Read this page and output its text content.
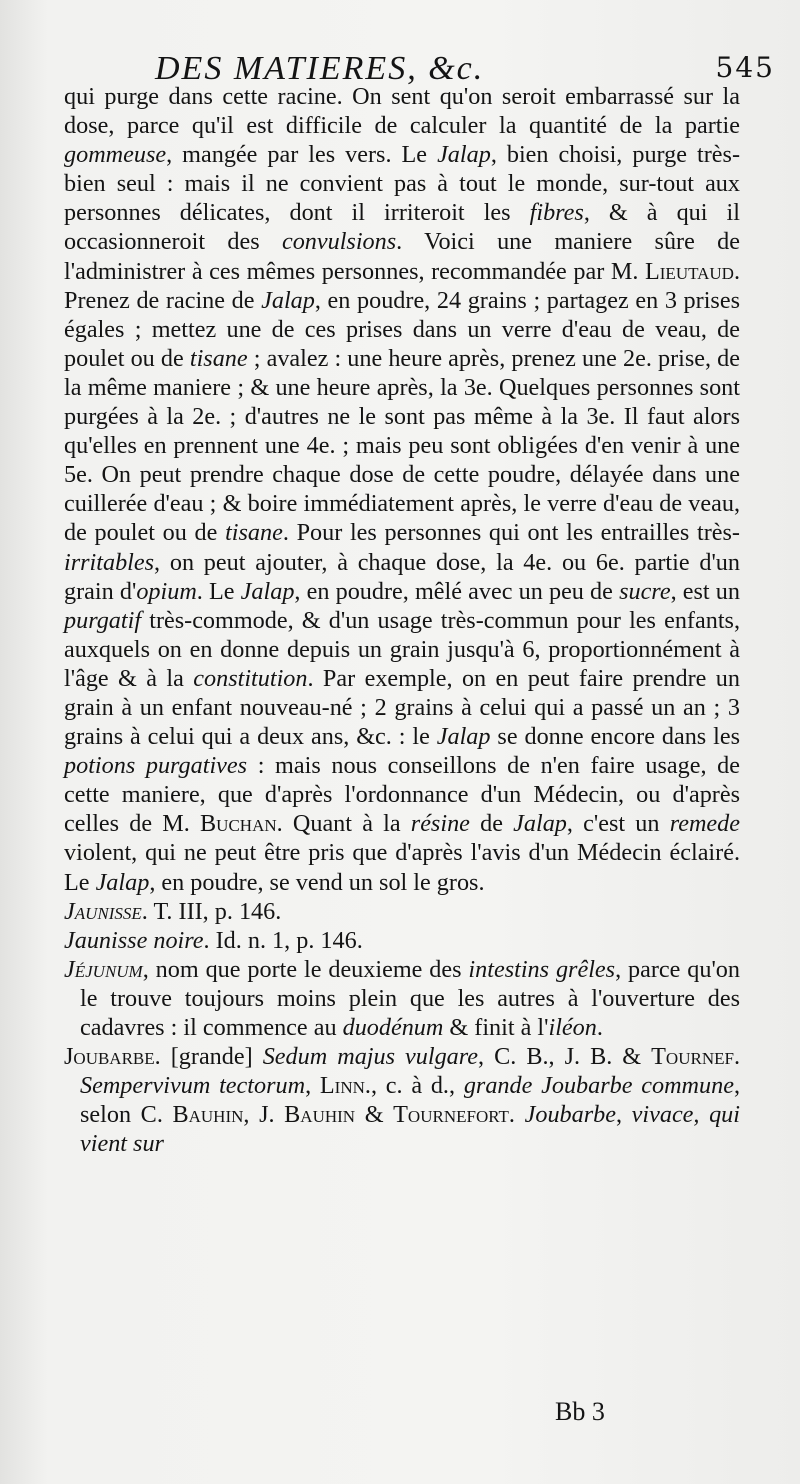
DES MATIERES, &c.	545

qui purge dans cette racine. On sent qu'on seroit embarrassé sur la dose, parce qu'il est difficile de calculer la quantité de la partie gommeuse, mangée par les vers. Le Jalap, bien choisi, purge très-bien seul : mais il ne convient pas à tout le monde, sur-tout aux personnes délicates, dont il irriteroit les fibres, & à qui il occasionneroit des convulsions. Voici une maniere sûre de l'administrer à ces mêmes personnes, recommandée par M. Lieutaud. Prenez de racine de Jalap, en poudre, 24 grains ; partagez en 3 prises égales ; mettez une de ces prises dans un verre d'eau de veau, de poulet ou de tisane ; avalez : une heure après, prenez une 2e. prise, de la même maniere ; & une heure après, la 3e. Quelques personnes sont purgées à la 2e. ; d'autres ne le sont pas même à la 3e. Il faut alors qu'elles en prennent une 4e. ; mais peu sont obligées d'en venir à une 5e. On peut prendre chaque dose de cette poudre, délayée dans une cuillerée d'eau ; & boire immédiatement après, le verre d'eau de veau, de poulet ou de tisane. Pour les personnes qui ont les entrailles très-irritables, on peut ajouter, à chaque dose, la 4e. ou 6e. partie d'un grain d'opium. Le Jalap, en poudre, mêlé avec un peu de sucre, est un purgatif très-commode, & d'un usage très-commun pour les enfants, auxquels on en donne depuis un grain jusqu'à 6, proportionnément à l'âge & à la constitution. Par exemple, on en peut faire prendre un grain à un enfant nouveau-né ; 2 grains à celui qui a passé un an ; 3 grains à celui qui a deux ans, &c. : le Jalap se donne encore dans les potions purgatives : mais nous conseillons de n'en faire usage, de cette maniere, que d'après l'ordonnance d'un Médecin, ou d'après celles de M. Buchan. Quant à la résine de Jalap, c'est un remede violent, qui ne peut être pris que d'après l'avis d'un Médecin éclairé. Le Jalap, en poudre, se vend un sol le gros.

Jaunisse. T. III, p. 146.

Jaunisse noire. Id. n. 1, p. 146.

Jéjunum, nom que porte le deuxieme des intestins grêles, parce qu'on le trouve toujours moins plein que les autres à l'ouverture des cadavres : il commence au duodénum & finit à l'iléon.

Joubarbe. [grande] Sedum majus vulgare, C. B., J. B. & Tournef. Sempervivum tectorum, Linn., c. à d., grande Joubarbe commune, selon C. Bauhin, J. Bauhin & Tournefort. Joubarbe, vivace, qui vient sur

Bb 3
